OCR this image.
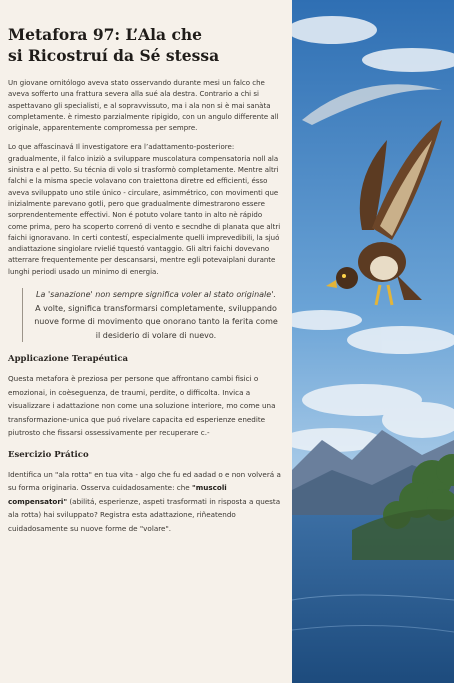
Metafora 97: L’Ala che
si Ricostruí da Sé stessa

Un giovane ornitólogo aveva stato osservando durante mesi un falco che aveva sofferto una frattura severa alla sué ala destra. Contrario a chi si aspettavano gli specialisti, e al sopravvissuto, ma i ala non si è mai sanàta completamente. è rimesto parzialmente ripigido, con un angulo differente all originale, apparentemente compromessa per sempre.

Lo que affascinavá Il investigatore era l’adattamento-posteriore: gradualmente, il falco iniziò a sviluppare muscolatura compensatoria noll ala sinistra e al petto. Su técnia di volo si trasformò completamente. Mentre altri falchi e la misma specie volavano con traiettona diretre ed efficienti, ésso aveva sviluppato uno stile únicо - circulare, asimmétrico, con movimenti que inizialmente parevano gotli, pero que gradualmente dimestrarono essere sorprendentemente effectivi. Non é potuto volare tanto in alto nè rápido come prima, pero ha scoperto correnó di vento e secndhe di planata que altri faichi ignoravano. In certi contestí, especialmente quelli imprevedibili, la sjuó andiattazione singiolare rvielié tquestó vantaggio. Gli altri faichi dovevano atterrare frequentemente per descansarsi, mentre egli potevaiplani durante lunghi periodi usado un minimo di energia.

La 'sanazione' non sempre significa voler al stato originale'. A volte, significa transformarsi completamente, sviluppando nuove forme di movimento que onorano tanto la ferita come il desiderio di volare di nuevo.
Applicazione Terapéutica

Questa metafora è preziosa per persone que affrontano cambi fisici o emozionai, in coèseguenza, de traumi, perdite, o difficolta. Invica a visualizzare i adattazione non come una soluzione interiore, mo come una transformazione-unica que puó rivelare capacita ed esperienze enedite piutrosto che fissarsi ossessivamente per recuperare c.-

Esercizio Prátiсo

Identifica un "ala rotta" en tua vita - algo che fu ed aadad o e non volverá a su forma originaria. Osserva cuidadosamente: che "muscoli compensatori" (abilitá, esperienze, aspeti trasformati in risposta a questa ala rotta) hai sviluppato? Registra esta adattazione, riñeatendo cuidadosamente su nuove forme de "volare".
